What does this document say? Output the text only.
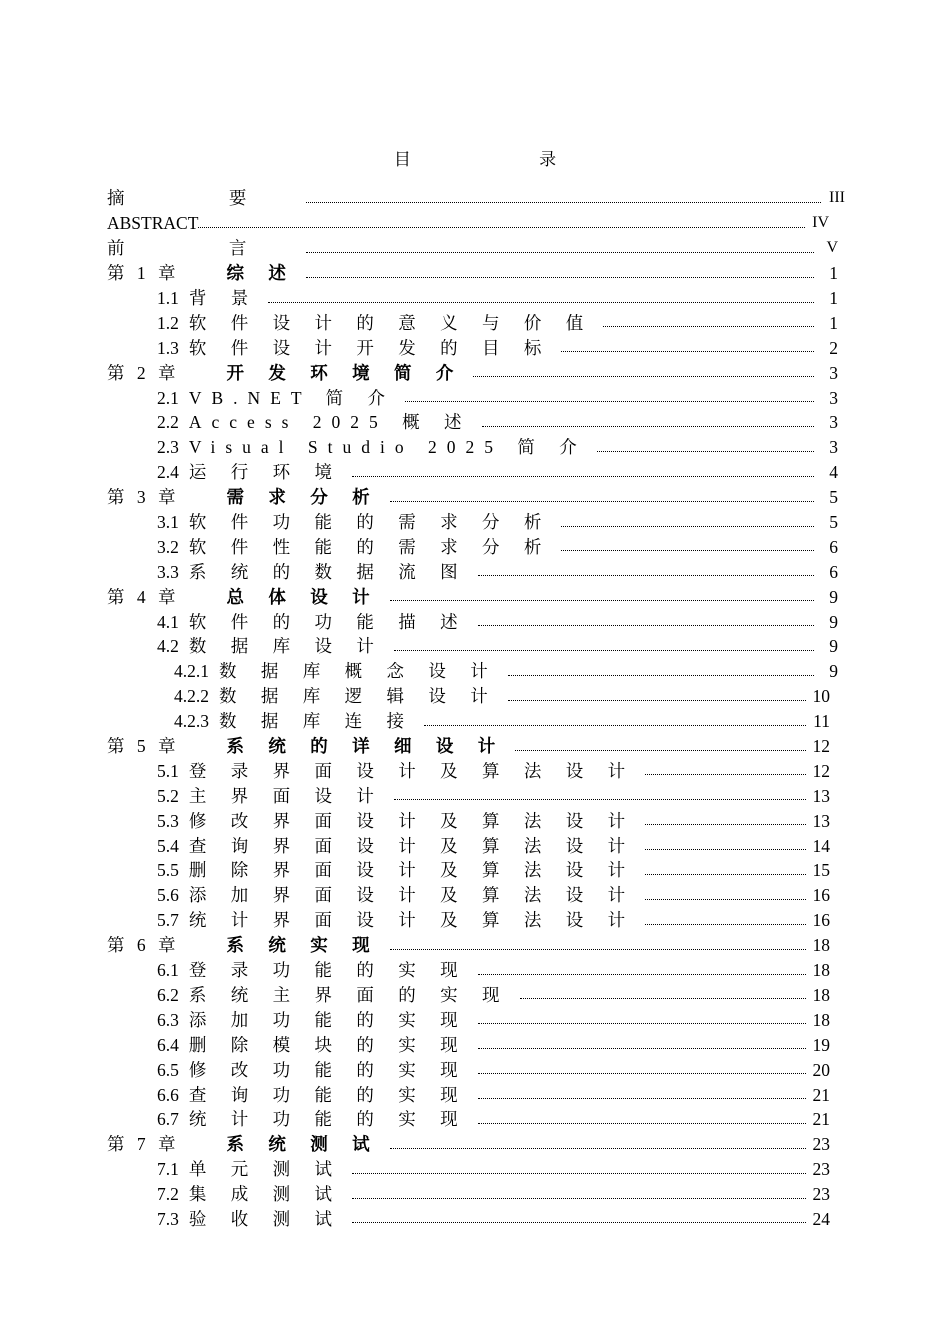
目 录
摘 要	III
ABSTRACT	IV
前 言	V
第 1 章	综 述	1
1.1 背 景	1
1.2 软 件 设 计 的 意 义 与 价 值	1
1.3 软 件 设 计 开 发 的 目 标	2
第 2 章	开 发 环 境 简 介	3
2.1 VB.NET 简 介	3
2.2 Access 2025 概 述	3
2.3 Visual Studio 2025 简 介	3
2.4 运 行 环 境	4
第 3 章	需 求 分 析	5
3.1 软 件 功 能 的 需 求 分 析	5
3.2 软 件 性 能 的 需 求 分 析	6
3.3 系 统 的 数 据 流 图	6
第 4 章	总 体 设 计	9
4.1 软 件 的 功 能 描 述	9
4.2 数 据 库 设 计	9
4.2.1 数 据 库 概 念 设 计	9
4.2.2 数 据 库 逻 辑 设 计	10
4.2.3 数 据 库 连 接	11
第 5 章	系 统 的 详 细 设 计	12
5.1 登 录 界 面 设 计 及 算 法 设 计	12
5.2 主 界 面 设 计	13
5.3 修 改 界 面 设 计 及 算 法 设 计	13
5.4 查 询 界 面 设 计 及 算 法 设 计	14
5.5 删 除 界 面 设 计 及 算 法 设 计	15
5.6 添 加 界 面 设 计 及 算 法 设 计	16
5.7 统 计 界 面 设 计 及 算 法 设 计	16
第 6 章	系 统 实 现	18
6.1 登 录 功 能 的 实 现	18
6.2 系 统 主 界 面 的 实 现	18
6.3 添 加 功 能 的 实 现	18
6.4 删 除 模 块 的 实 现	19
6.5 修 改 功 能 的 实 现	20
6.6 查 询 功 能 的 实 现	21
6.7 统 计 功 能 的 实 现	21
第 7 章	系 统 测 试	23
7.1 单 元 测 试	23
7.2 集 成 测 试	23
7.3 验 收 测 试	24
